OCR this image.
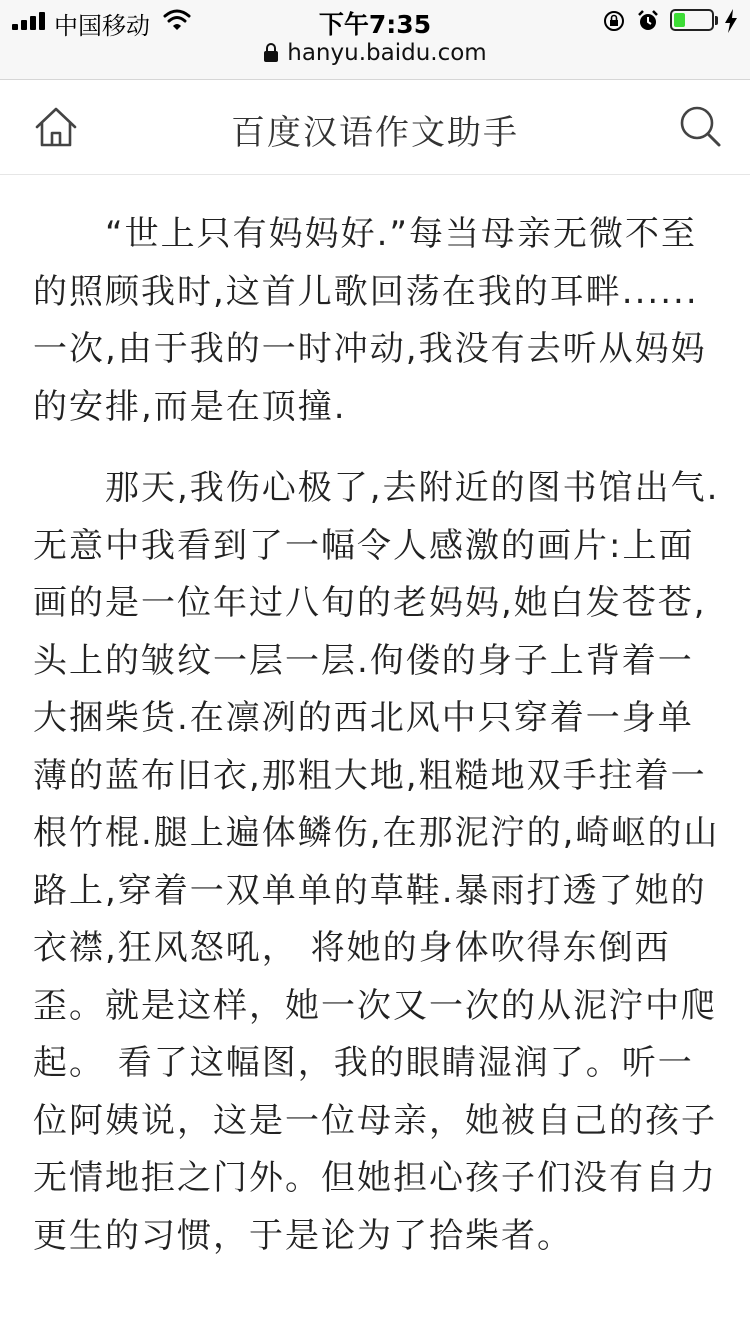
中国移动	下午7:35
hanyu.baidu.com
百度汉语作文助手

“世上只有妈妈好.”每当母亲无微不至的照顾我时,这首儿歌回荡在我的耳畔...... 一次,由于我的一时冲动,我没有去听从妈妈的安排,而是在顶撞.

那天,我伤心极了,去附近的图书馆出气.无意中我看到了一幅令人感激的画片:上面画的是一位年过八旬的老妈妈,她白发苍苍,头上的皱纹一层一层.佝偻的身子上背着一大捆柴货.在凛冽的西北风中只穿着一身单薄的蓝布旧衣,那粗大地,粗糙地双手拄着一根竹棍.腿上遍体鳞伤,在那泥泞的,崎岖的山路上,穿着一双单单的草鞋.暴雨打透了她的衣襟,狂风怒吼， 将她的身体吹得东倒西歪。就是这样，她一次又一次的从泥泞中爬起。 看了这幅图，我的眼睛湿润了。听一位阿姨说，这是一位母亲，她被自己的孩子无情地拒之门外。但她担心孩子们没有自力更生的习惯，于是论为了拾柴者。
